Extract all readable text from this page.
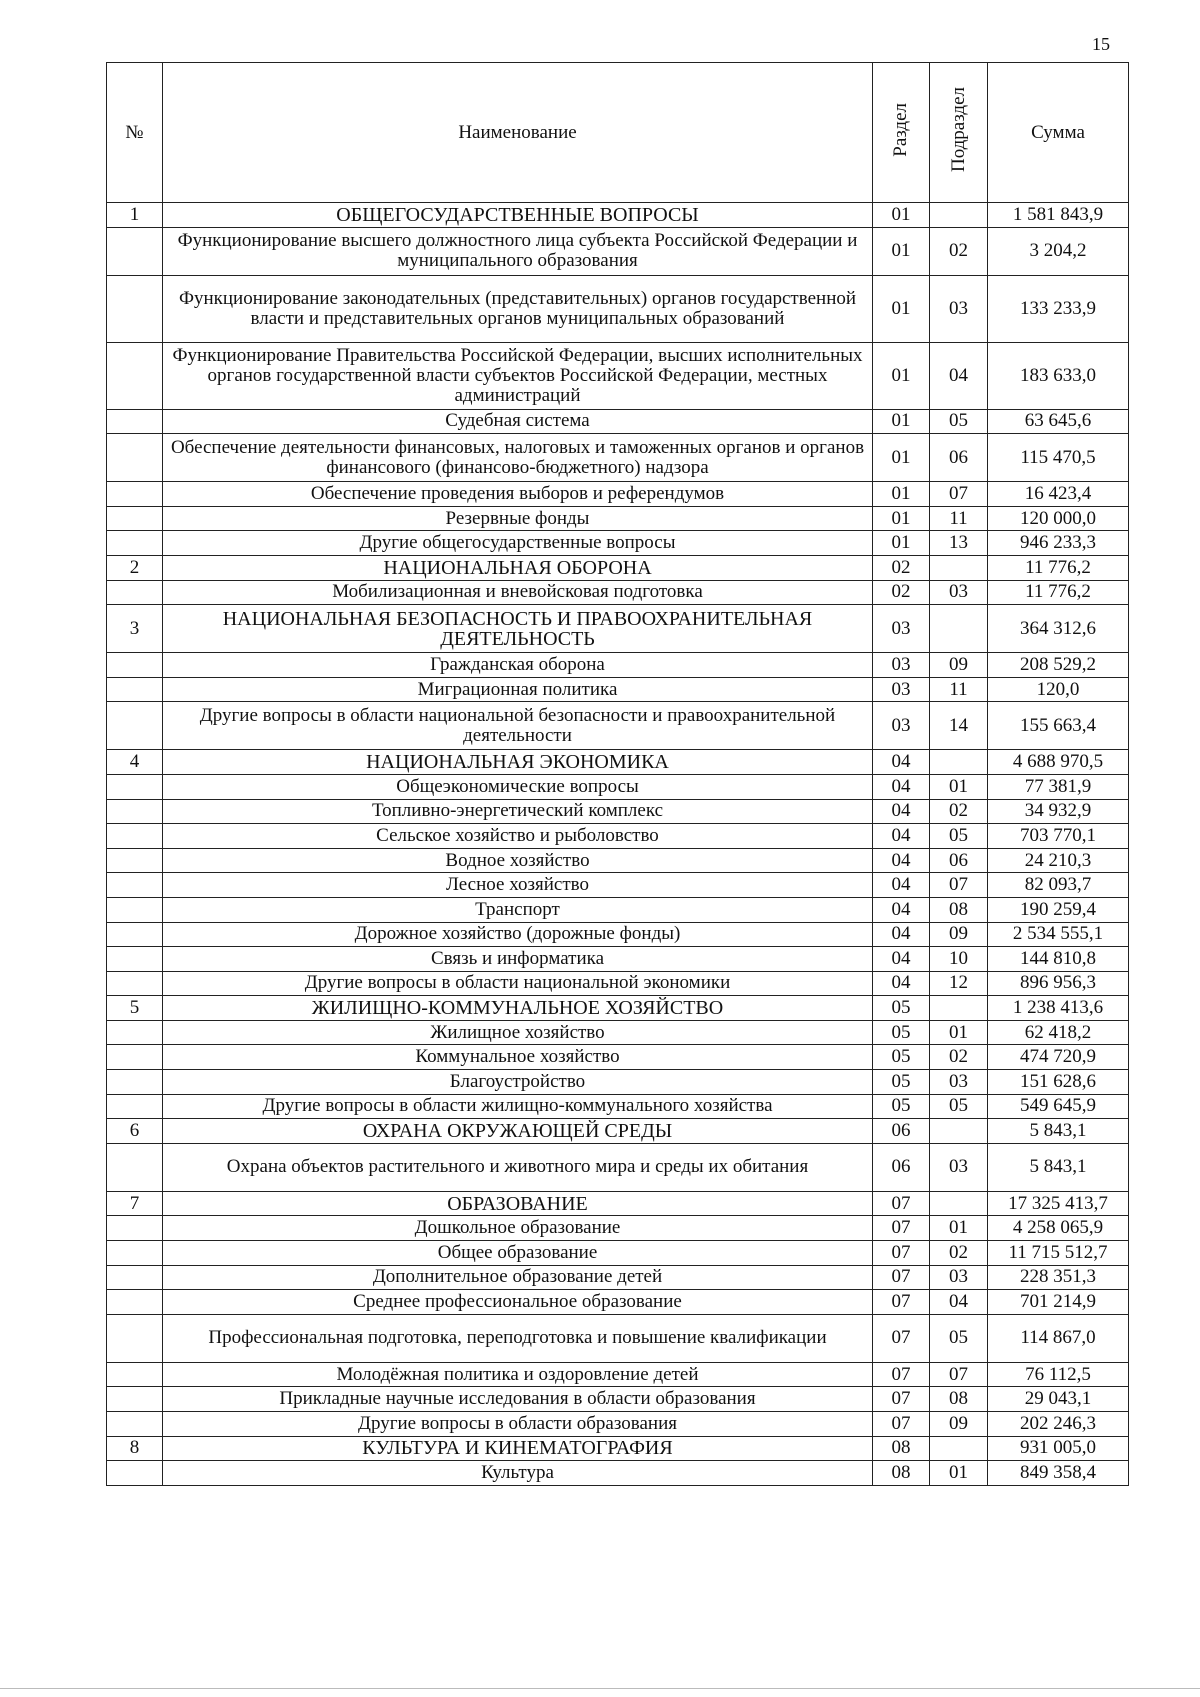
15
№	Наименование	Раздел	Подраздел	Сумма
1	ОБЩЕГОСУДАРСТВЕННЫЕ ВОПРОСЫ	01		1 581 843,9
	Функционирование высшего должностного лица субъекта Российской Федерации и муниципального образования	01	02	3 204,2
	Функционирование законодательных (представительных) органов государственной власти и представительных органов муниципальных образований	01	03	133 233,9
	Функционирование Правительства Российской Федерации, высших исполнительных органов государственной власти субъектов Российской Федерации, местных администраций	01	04	183 633,0
	Судебная система	01	05	63 645,6
	Обеспечение деятельности финансовых, налоговых и таможенных органов и органов финансового (финансово-бюджетного) надзора	01	06	115 470,5
	Обеспечение проведения выборов и референдумов	01	07	16 423,4
	Резервные фонды	01	11	120 000,0
	Другие общегосударственные вопросы	01	13	946 233,3
2	НАЦИОНАЛЬНАЯ ОБОРОНА	02		11 776,2
	Мобилизационная и вневойсковая подготовка	02	03	11 776,2
3	НАЦИОНАЛЬНАЯ БЕЗОПАСНОСТЬ И ПРАВООХРАНИТЕЛЬНАЯ ДЕЯТЕЛЬНОСТЬ	03		364 312,6
	Гражданская оборона	03	09	208 529,2
	Миграционная политика	03	11	120,0
	Другие вопросы в области национальной безопасности и правоохранительной деятельности	03	14	155 663,4
4	НАЦИОНАЛЬНАЯ ЭКОНОМИКА	04		4 688 970,5
	Общеэкономические вопросы	04	01	77 381,9
	Топливно-энергетический комплекс	04	02	34 932,9
	Сельское хозяйство и рыболовство	04	05	703 770,1
	Водное хозяйство	04	06	24 210,3
	Лесное хозяйство	04	07	82 093,7
	Транспорт	04	08	190 259,4
	Дорожное хозяйство (дорожные фонды)	04	09	2 534 555,1
	Связь и информатика	04	10	144 810,8
	Другие вопросы в области национальной экономики	04	12	896 956,3
5	ЖИЛИЩНО-КОММУНАЛЬНОЕ ХОЗЯЙСТВО	05		1 238 413,6
	Жилищное хозяйство	05	01	62 418,2
	Коммунальное хозяйство	05	02	474 720,9
	Благоустройство	05	03	151 628,6
	Другие вопросы в области жилищно-коммунального хозяйства	05	05	549 645,9
6	ОХРАНА ОКРУЖАЮЩЕЙ СРЕДЫ	06		5 843,1
	Охрана объектов растительного и животного мира и среды их обитания	06	03	5 843,1
7	ОБРАЗОВАНИЕ	07		17 325 413,7
	Дошкольное образование	07	01	4 258 065,9
	Общее образование	07	02	11 715 512,7
	Дополнительное образование детей	07	03	228 351,3
	Среднее профессиональное образование	07	04	701 214,9
	Профессиональная подготовка, переподготовка и повышение квалификации	07	05	114 867,0
	Молодёжная политика и оздоровление детей	07	07	76 112,5
	Прикладные научные исследования в области образования	07	08	29 043,1
	Другие вопросы в области образования	07	09	202 246,3
8	КУЛЬТУРА И КИНЕМАТОГРАФИЯ	08		931 005,0
	Культура	08	01	849 358,4
